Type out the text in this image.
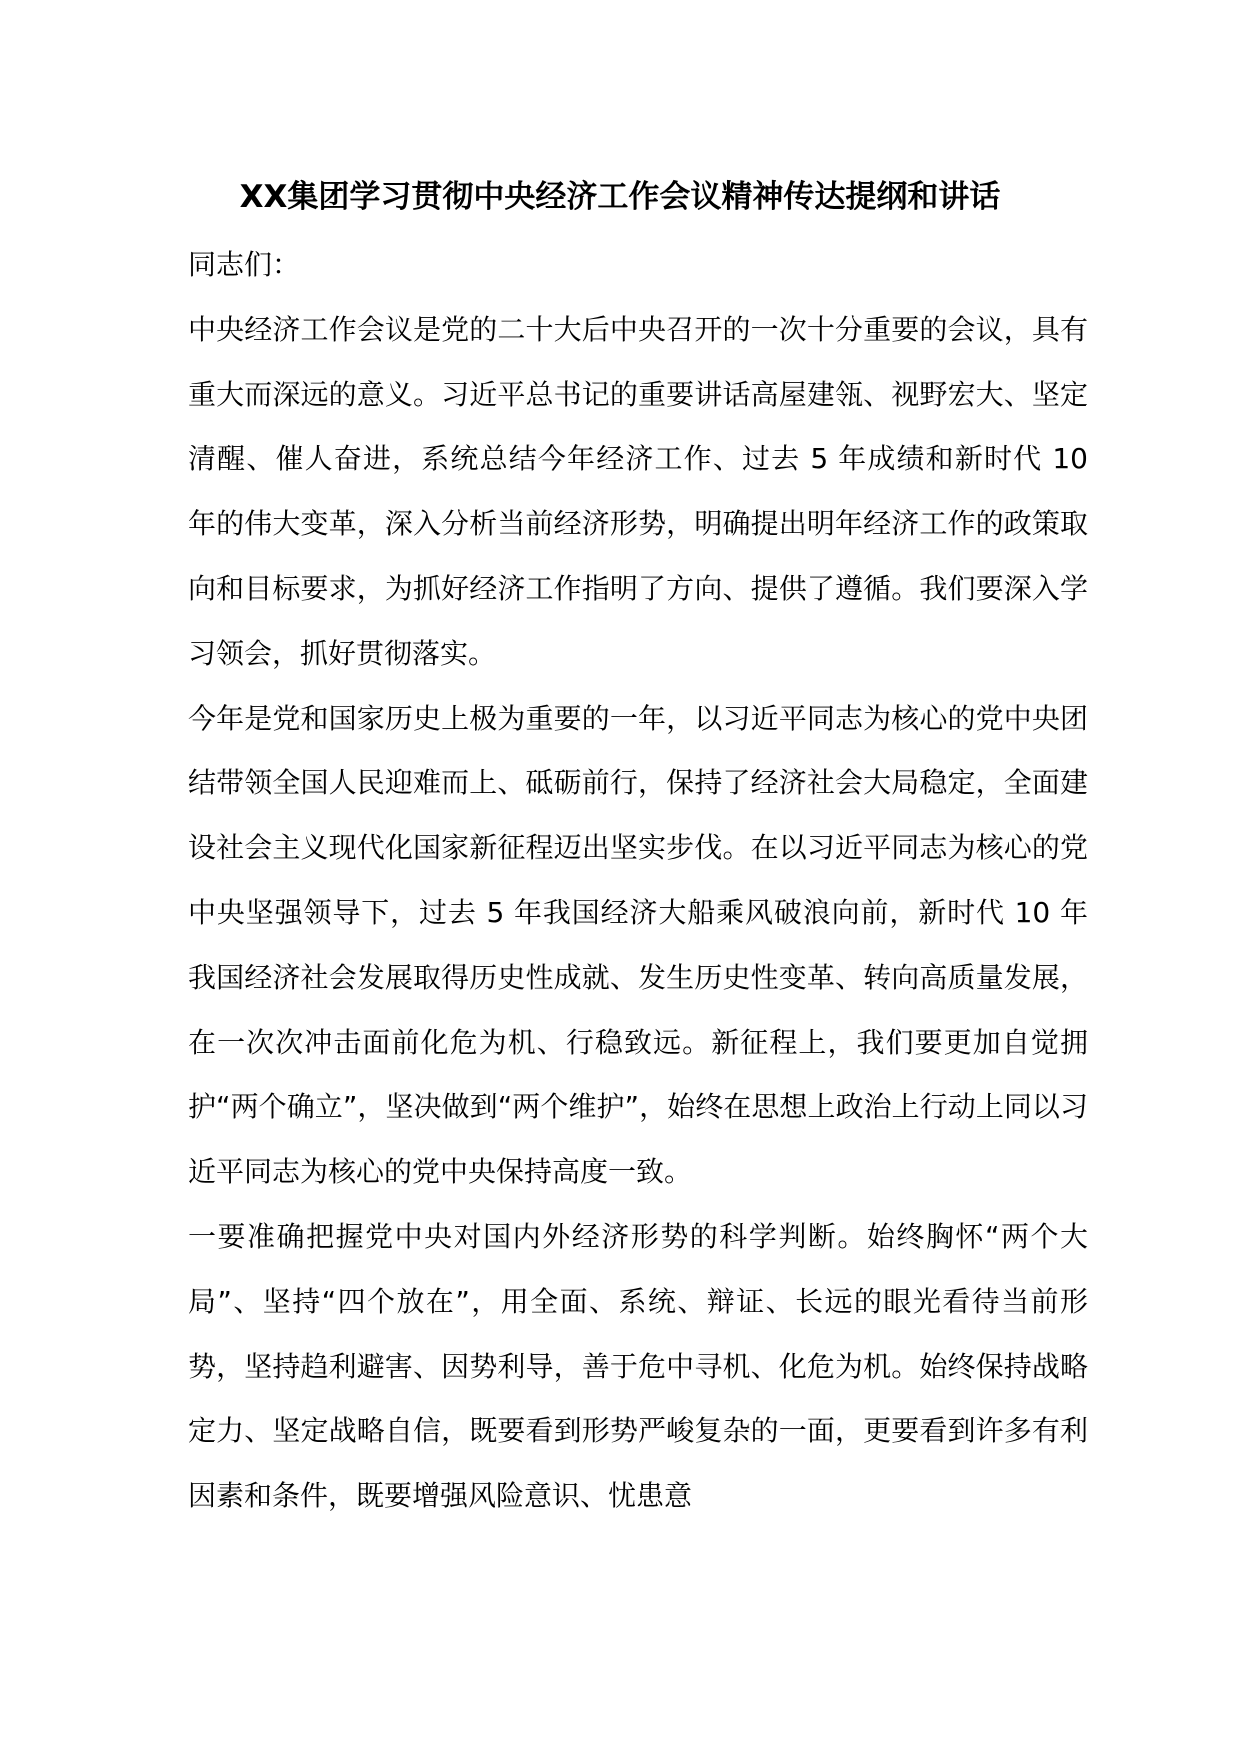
XX集团学习贯彻中央经济工作会议精神传达提纲和讲话

同志们：

中央经济工作会议是党的二十大后中央召开的一次十分重要的会议，具有重大而深远的意义。习近平总书记的重要讲话高屋建瓴、视野宏大、坚定清醒、催人奋进，系统总结今年经济工作、过去 5 年成绩和新时代 10 年的伟大变革，深入分析当前经济形势，明确提出明年经济工作的政策取向和目标要求，为抓好经济工作指明了方向、提供了遵循。我们要深入学习领会，抓好贯彻落实。

今年是党和国家历史上极为重要的一年，以习近平同志为核心的党中央团结带领全国人民迎难而上、砥砺前行，保持了经济社会大局稳定，全面建设社会主义现代化国家新征程迈出坚实步伐。在以习近平同志为核心的党中央坚强领导下，过去 5 年我国经济大船乘风破浪向前，新时代 10 年我国经济社会发展取得历史性成就、发生历史性变革、转向高质量发展，在一次次冲击面前化危为机、行稳致远。新征程上，我们要更加自觉拥护“两个确立”，坚决做到“两个维护”，始终在思想上政治上行动上同以习近平同志为核心的党中央保持高度一致。

一要准确把握党中央对国内外经济形势的科学判断。始终胸怀“两个大局”、坚持“四个放在”，用全面、系统、辩证、长远的眼光看待当前形势，坚持趋利避害、因势利导，善于危中寻机、化危为机。始终保持战略定力、坚定战略自信，既要看到形势严峻复杂的一面，更要看到许多有利因素和条件，既要增强风险意识、忧患意
